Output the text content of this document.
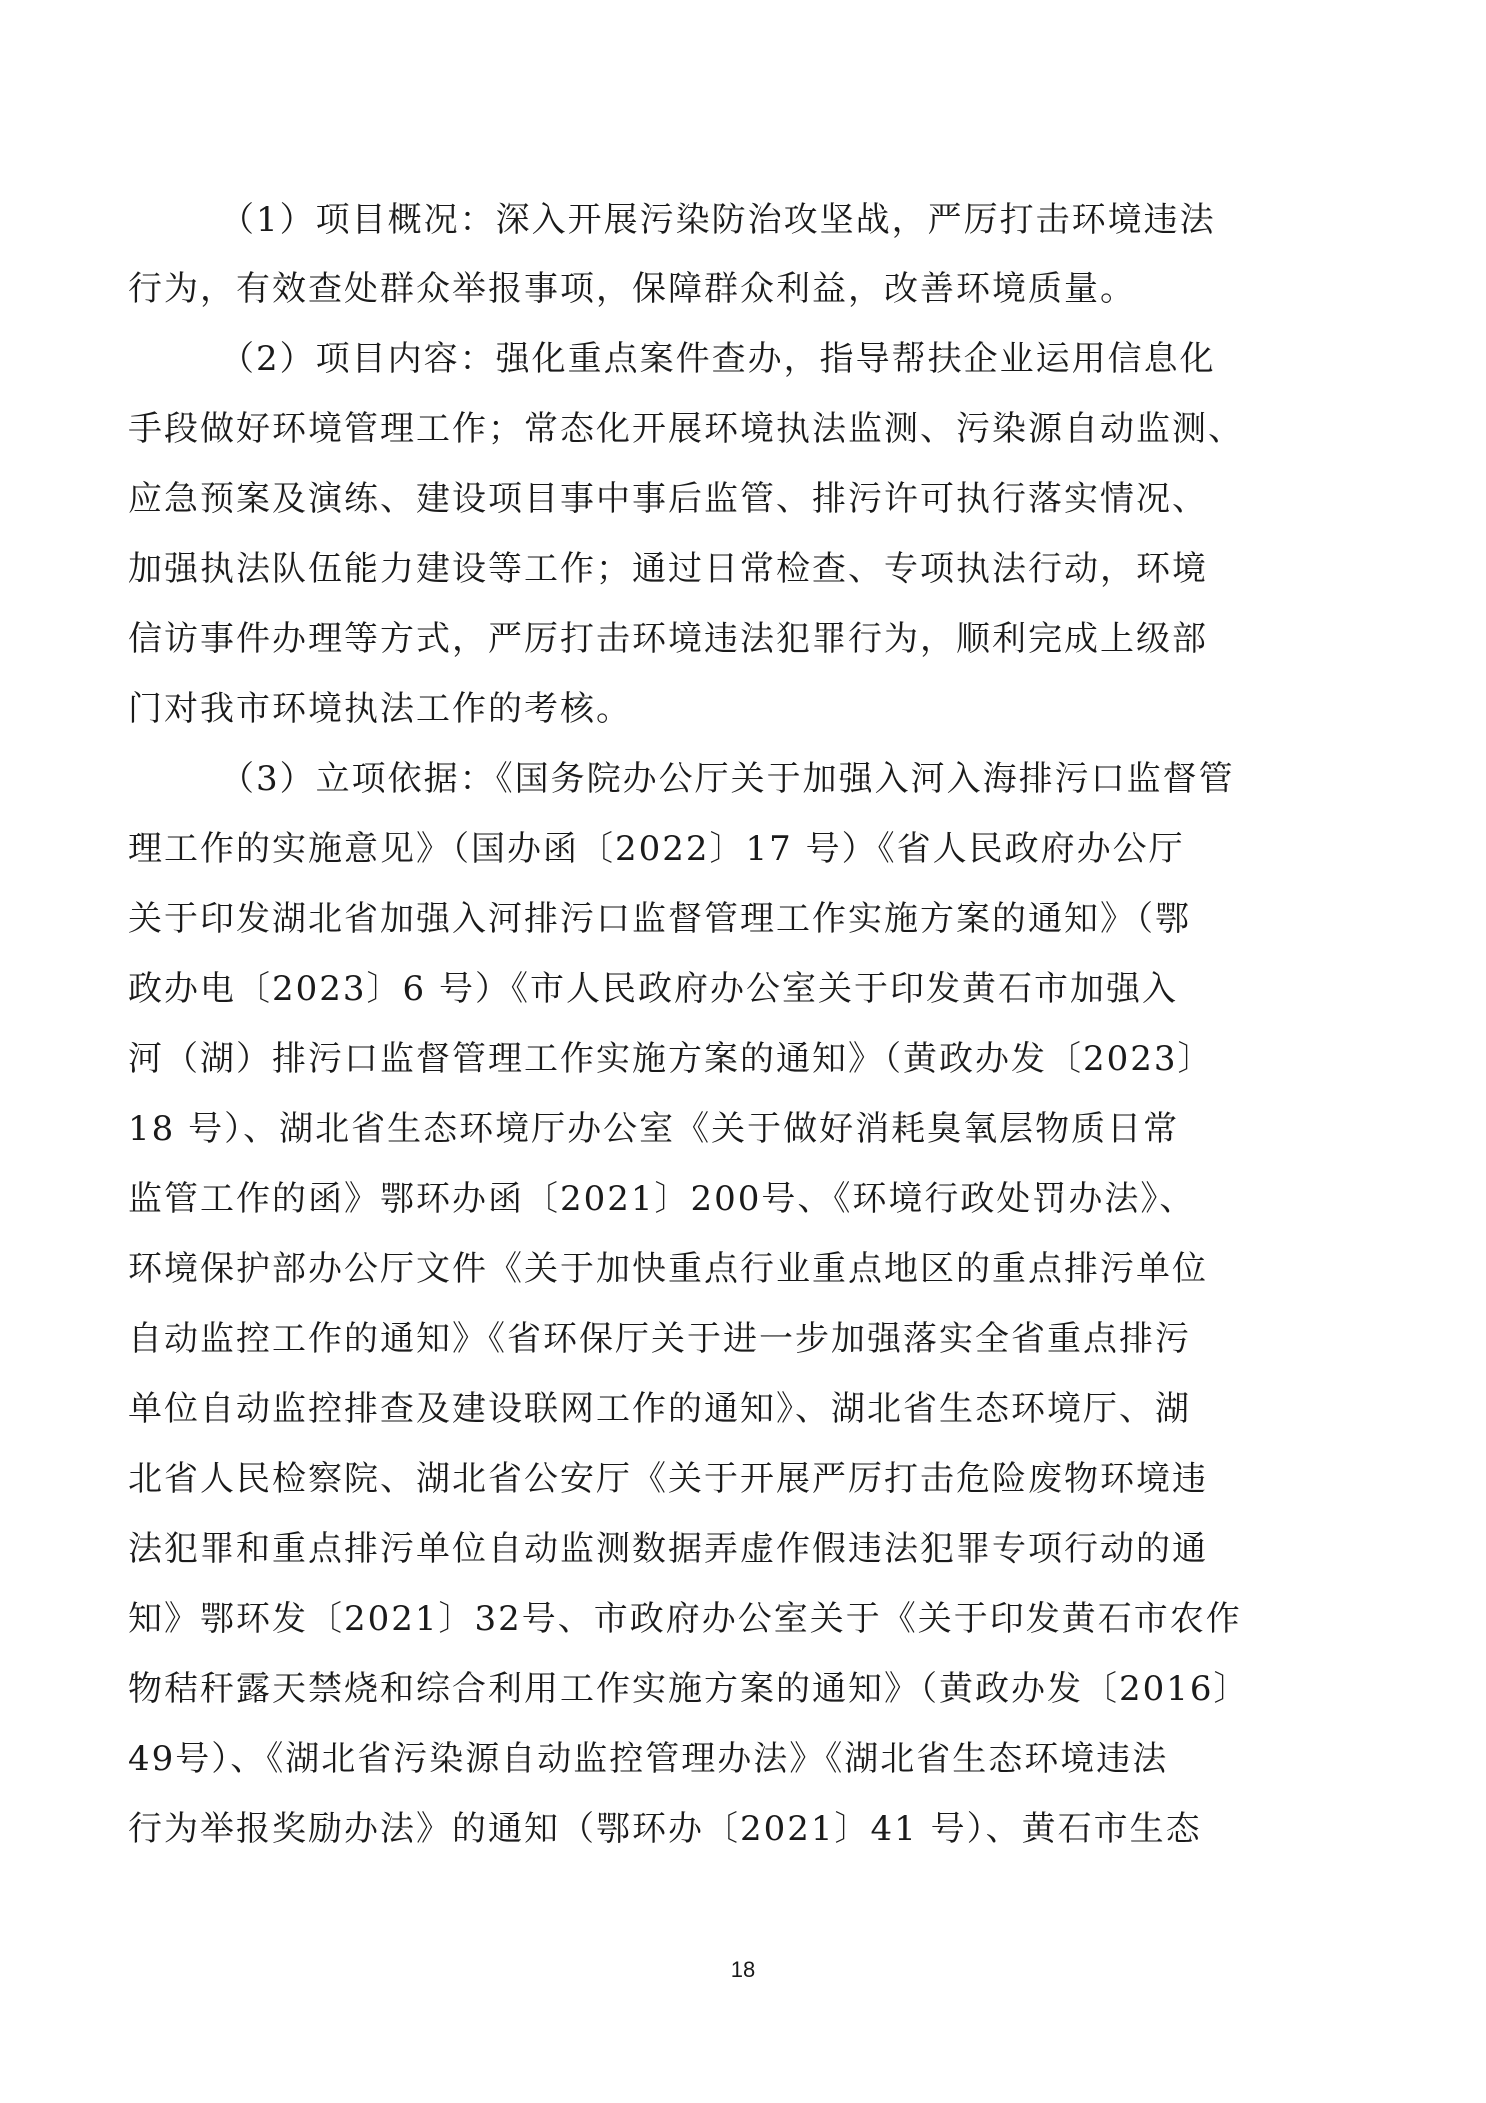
（1）项目概况：深入开展污染防治攻坚战，严厉打击环境违法
行为，有效查处群众举报事项，保障群众利益，改善环境质量。
（2）项目内容：强化重点案件查办，指导帮扶企业运用信息化
手段做好环境管理工作；常态化开展环境执法监测、污染源自动监测、
应急预案及演练、建设项目事中事后监管、排污许可执行落实情况、
加强执法队伍能力建设等工作；通过日常检查、专项执法行动，环境
信访事件办理等方式，严厉打击环境违法犯罪行为，顺利完成上级部
门对我市环境执法工作的考核。
（3）立项依据：《国务院办公厅关于加强入河入海排污口监督管
理工作的实施意见》（国办函〔2022〕17 号）《省人民政府办公厅
关于印发湖北省加强入河排污口监督管理工作实施方案的通知》（鄂
政办电〔2023〕6 号）《市人民政府办公室关于印发黄石市加强入
河（湖）排污口监督管理工作实施方案的通知》（黄政办发〔2023〕
18 号）、湖北省生态环境厅办公室《关于做好消耗臭氧层物质日常
监管工作的函》鄂环办函〔2021〕200号、《环境行政处罚办法》、
环境保护部办公厅文件《关于加快重点行业重点地区的重点排污单位
自动监控工作的通知》《省环保厅关于进一步加强落实全省重点排污
单位自动监控排查及建设联网工作的通知》、湖北省生态环境厅、湖
北省人民检察院、湖北省公安厅《关于开展严厉打击危险废物环境违
法犯罪和重点排污单位自动监测数据弄虚作假违法犯罪专项行动的通
知》鄂环发〔2021〕32号、市政府办公室关于《关于印发黄石市农作
物秸秆露天禁烧和综合利用工作实施方案的通知》（黄政办发〔2016〕
49号）、《湖北省污染源自动监控管理办法》《湖北省生态环境违法
行为举报奖励办法》的通知（鄂环办〔2021〕41 号）、黄石市生态
18
